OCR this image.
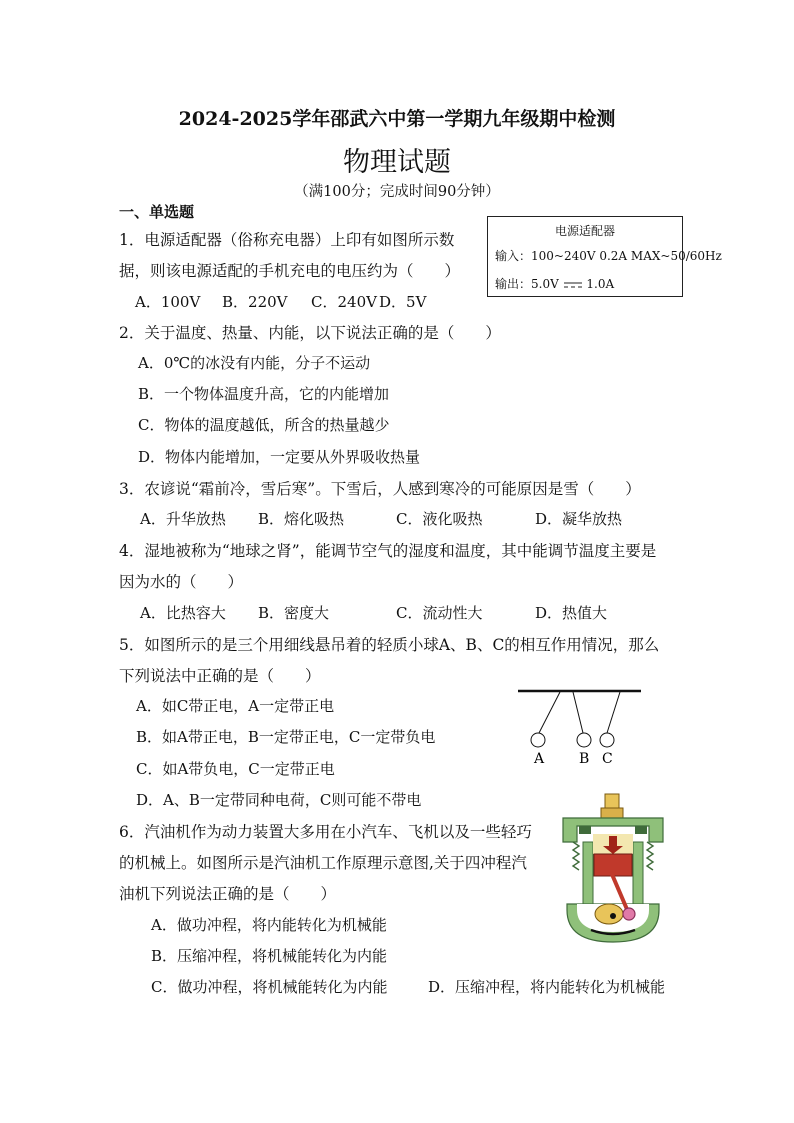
2024-2025学年邵武六中第一学期九年级期中检测
物理试题
（满100分；完成时间90分钟）
一、单选题
1．电源适配器（俗称充电器）上印有如图所示数
据，则该电源适配的手机充电的电压约为（　　）
A．100V B．220V C．240V D．5V
电源适配器
输入：100~240V 0.2A MAX~50/60Hz
输出：5.0V 1.0A
2．关于温度、热量、内能，以下说法正确的是（　　）
A．0℃的冰没有内能，分子不运动
B．一个物体温度升高，它的内能增加
C．物体的温度越低，所含的热量越少
D．物体内能增加，一定要从外界吸收热量
3．农谚说“霜前冷，雪后寒”。下雪后，人感到寒冷的可能原因是雪（　　）
A．升华放热 B．熔化吸热	C．液化吸热	D．凝华放热
4．湿地被称为“地球之肾”，能调节空气的湿度和温度，其中能调节温度主要是
因为水的（　　）
A．比热容大 B．密度大	C．流动性大	D．热值大
5．如图所示的是三个用细线悬吊着的轻质小球A、B、C的相互作用情况，那么
下列说法中正确的是（　　）
A．如C带正电，A一定带正电
B．如A带正电，B一定带正电，C一定带负电
C．如A带负电，C一定带正电
D．A、B一定带同种电荷，C则可能不带电
A B C
6．汽油机作为动力装置大多用在小汽车、飞机以及一些轻巧
的机械上。如图所示是汽油机工作原理示意图,关于四冲程汽
油机下列说法正确的是（　　）
A．做功冲程，将内能转化为机械能
B．压缩冲程，将机械能转化为内能
C．做功冲程，将机械能转化为内能	D．压缩冲程，将内能转化为机械能
